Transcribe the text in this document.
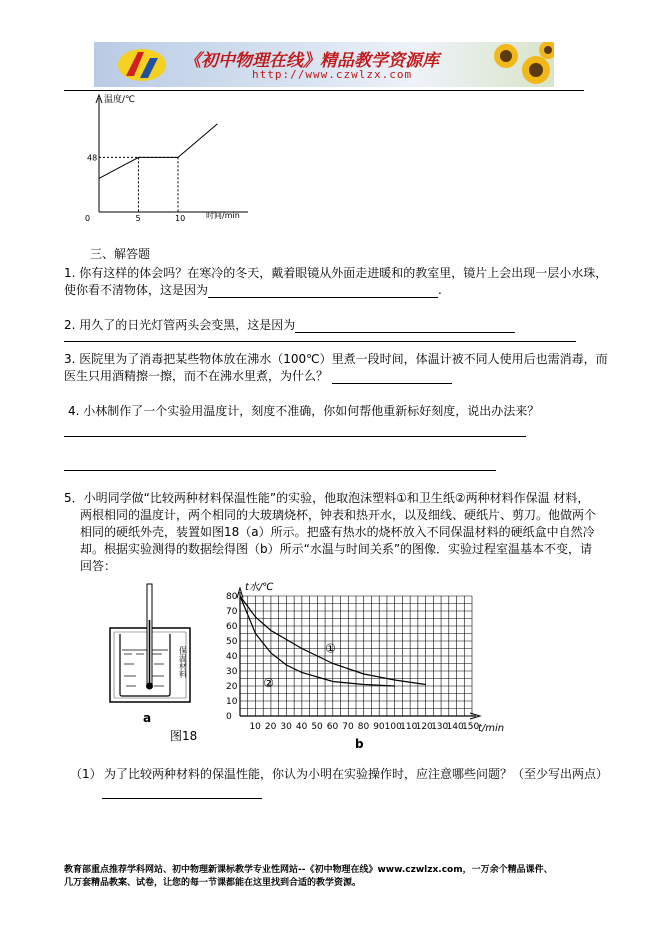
《初中物理在线》精品教学资源库
http://www.czwlzx.com
温度/℃
时间/min
48
0	5	10
三、解答题
1. 你有这样的体会吗？在寒冷的冬天，戴着眼镜从外面走进暖和的教室里，镜片上会出现一层小水珠，
使你看不清物体，这是因为	.
2. 用久了的日光灯管两头会变黑，这是因为
3. 医院里为了消毒把某些物体放在沸水（100℃）里煮一段时间，体温计被不同人使用后也需消毒，而
医生只用酒精擦一擦，而不在沸水里煮，为什么？
4. 小林制作了一个实验用温度计，刻度不准确，你如何帮他重新标好刻度，说出办法来？
5．小明同学做“比较两种材料保温性能”的实验，他取泡沫塑料①和卫生纸②两种材料作保温 材料，
两根相同的温度计，两个相同的大玻璃烧杯，钟表和热开水，以及细线、硬纸片、剪刀。他做两个
相同的硬纸外壳，装置如图18（a）所示。把盛有热水的烧杯放入不同保温材料的硬纸盒中自然冷
却。根据实验测得的数据绘得图（b）所示“水温与时间关系”的图像．实验过程室温基本不变，请
回答：
保温材料
a
图18
t水/℃
t/min
80
70
60
50
40
30
20
10
0
10 20 30 40 50 60 70 80 90 100
110
120
130
140
150
①
②
b
（1） 为了比较两种材料的保温性能，你认为小明在实验操作时，应注意哪些问题？（至少写出两点）
教育部重点推荐学科网站、初中物理新课标教学专业性网站--《初中物理在线》www.czwlzx.com，一万余个精品课件、
几万套精品教案、试卷，让您的每一节课都能在这里找到合适的教学资源。
